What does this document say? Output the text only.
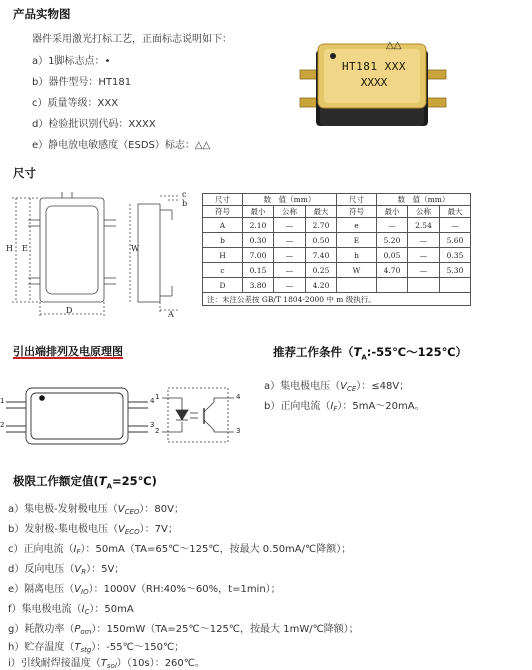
产品实物图
器件采用激光打标工艺，正面标志说明如下：
a）1脚标志点：•
b）器件型号：HT181
c）质量等级：XXX
d）检验批识别代码：XXXX
e）静电放电敏感度（ESDS）标志：△△
△△
HT181 XXX
XXXX
尺寸
H E
D
W
A
c
b	尺寸	数　值（mm）			尺寸	数　值（mm）		
符号	最小	公称	最大	符号	最小	公称	最大
A	2.10	—	2.70	e	—	2.54	—
b	0.30	—	0.50	E	5.20	—	5.60
H	7.00	—	7.40	h	0.05	—	0.35
c	0.15	—	0.25	W	4.70	—	5.30
D	3.80	—	4.20				
注：未注公差按 GB/T 1804-2000 中 m 级执行。							
引出端排列及电原理图
1
2
4
3
1
2
4
3
推荐工作条件$(T_A:-55℃\sim 125℃)$
a）集电极电压$(V_{CE})$：≤48V；
b）正向电流$(I_F)$：5mA～20mA。
极限工作额定值$(T_A=25℃)$
a）集电极-发射极电压$(V_{CEO})$：80V；
b）发射极-集电极电压$(V_{ECO})$：7V；
c）正向电流$(I_F)$：50mA（TA=65℃～125℃，按最大 0.50mA/℃降额）；
d）反向电压$(V_R)$：5V；
e）隔离电压$(V_{IO})$：1000V（RH:40%～60%，t=1min）；
f）集电极电流$(I_C)$：50mA
g）耗散功率$(P_{om})$：150mW（TA=25℃～125℃，按最大 1mW/℃降额）；
h）贮存温度$(T_{stg})$：-55℃～150℃；
i）引线耐焊接温度$(T_{sol})(10s)$：260℃。
